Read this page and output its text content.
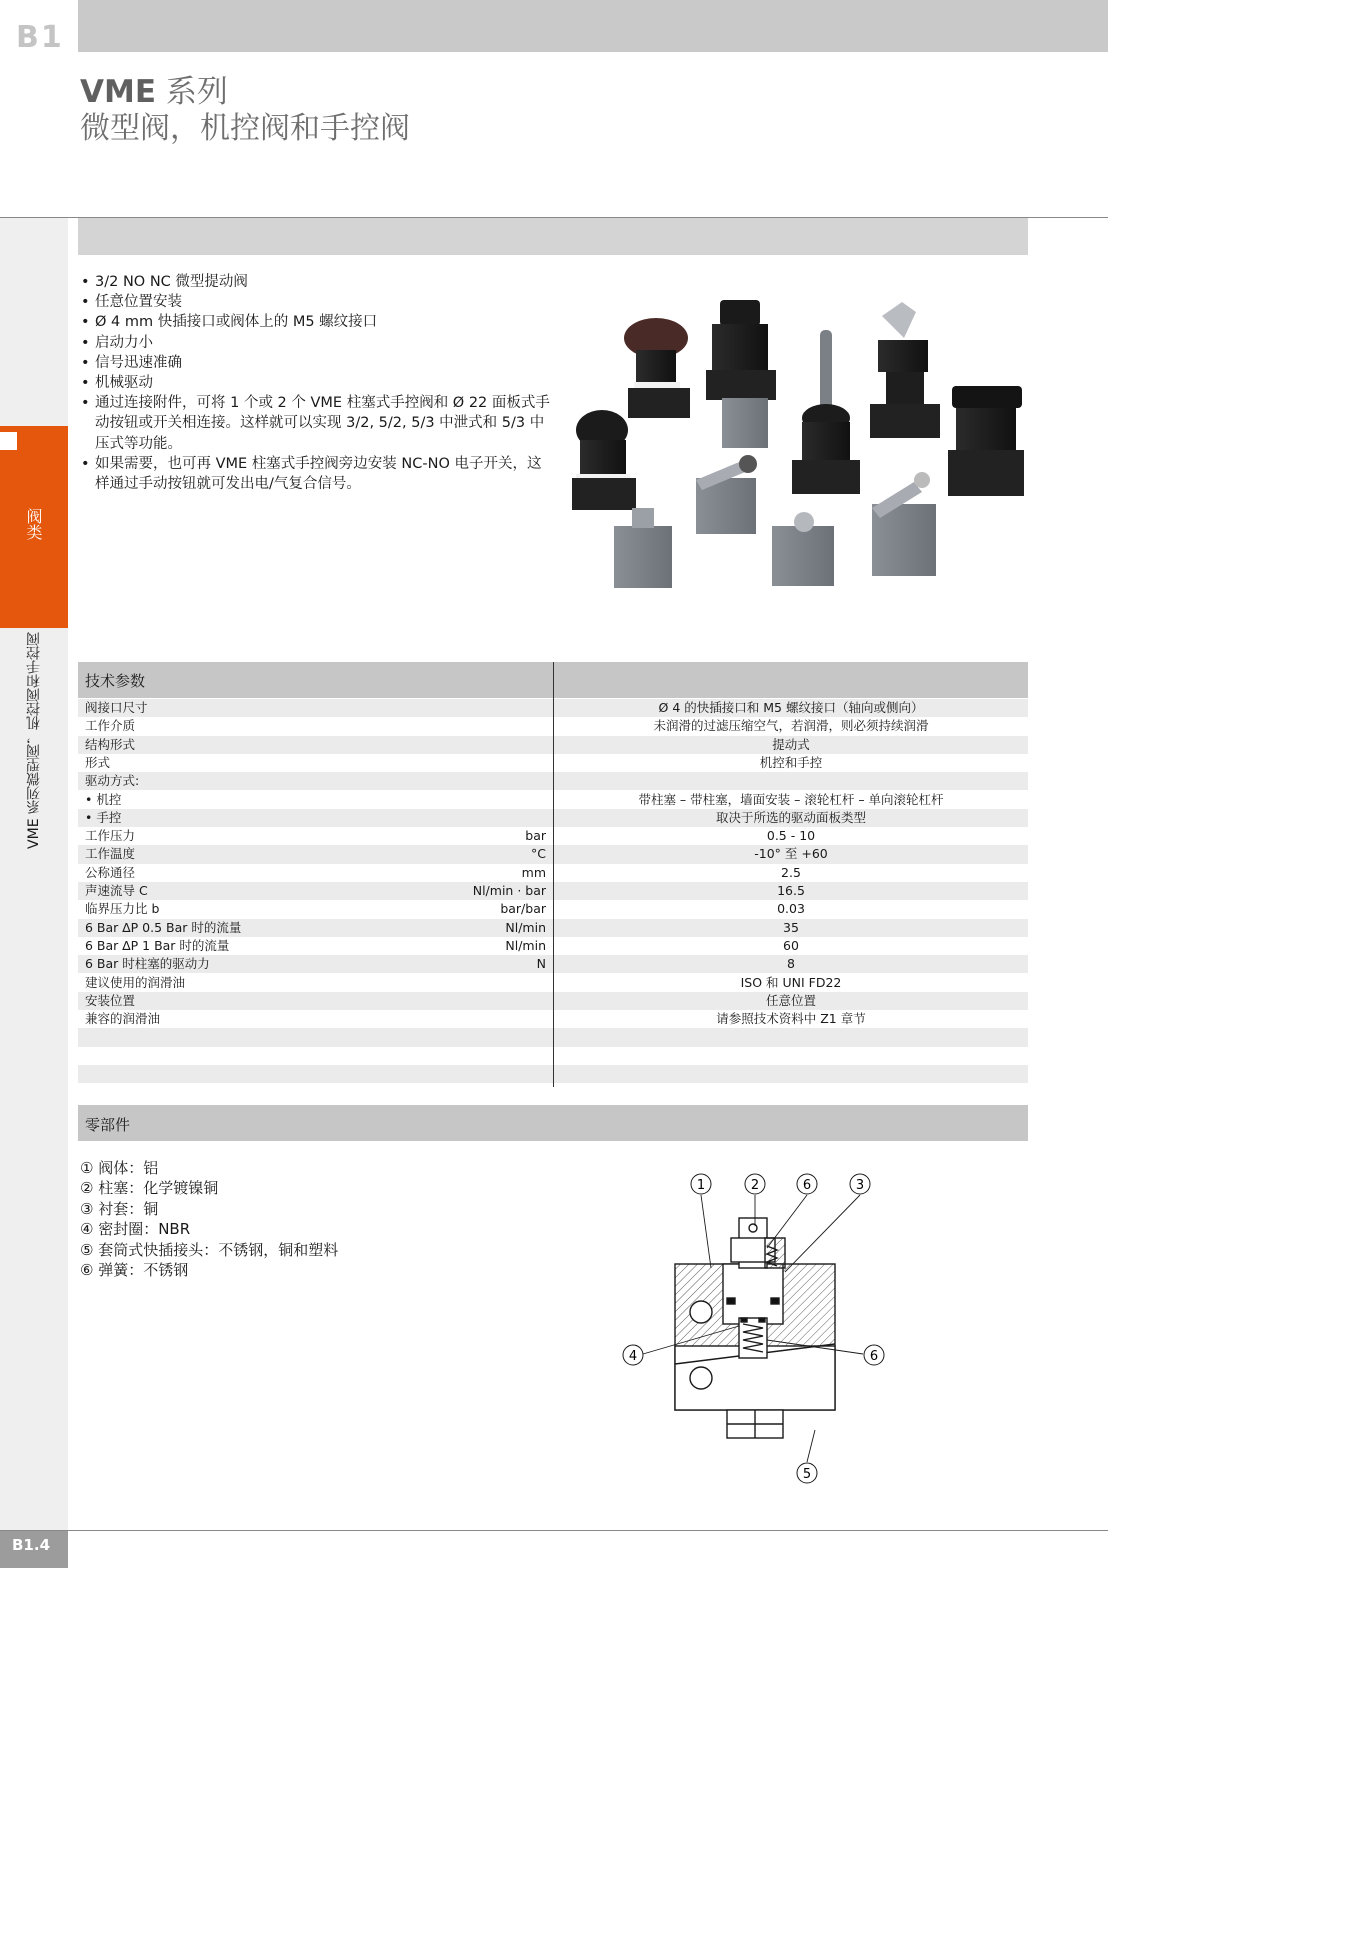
B1
VME 系列
微型阀，机控阀和手控阀
阀类
VME 系列微型阀，机控阀和手控阀
• 3/2 NO NC 微型提动阀
• 任意位置安装
• Ø 4 mm 快插接口或阀体上的 M5 螺纹接口
• 启动力小
• 信号迅速准确
• 机械驱动
• 通过连接附件，可将 1 个或 2 个 VME 柱塞式手控阀和 Ø 22 面板式手动按钮或开关相连接。这样就可以实现 3/2, 5/2, 5/3 中泄式和 5/3 中压式等功能。
• 如果需要，也可再 VME 柱塞式手控阀旁边安装 NC-NO 电子开关，这样通过手动按钮就可发出电/气复合信号。
技术参数
阀接口尺寸	Ø 4 的快插接口和 M5 螺纹接口（轴向或侧向）
工作介质	未润滑的过滤压缩空气，若润滑，则必须持续润滑
结构形式	提动式
形式	机控和手控
驱动方式:
• 机控	带柱塞 – 带柱塞，墙面安装 – 滚轮杠杆 – 单向滚轮杠杆
• 手控	取决于所选的驱动面板类型
工作压力	bar	0.5 - 10
工作温度	°C	-10° 至 +60
公称通径	mm	2.5
声速流导 C	Nl/min · bar	16.5
临界压力比 b	bar/bar	0.03
6 Bar ∆P 0.5 Bar 时的流量	Nl/min	35
6 Bar ∆P 1 Bar 时的流量	Nl/min	60
6 Bar 时柱塞的驱动力	N	8
建议使用的润滑油	ISO 和 UNI FD22
安装位置	任意位置
兼容的润滑油	请参照技术资料中 Z1 章节
零部件
① 阀体：铝
② 柱塞：化学镀镍铜
③ 衬套：铜
④ 密封圈：NBR
⑤ 套筒式快插接头：不锈钢，铜和塑料
⑥ 弹簧：不锈钢
1	2	6	3
4	6
5
B1.4
